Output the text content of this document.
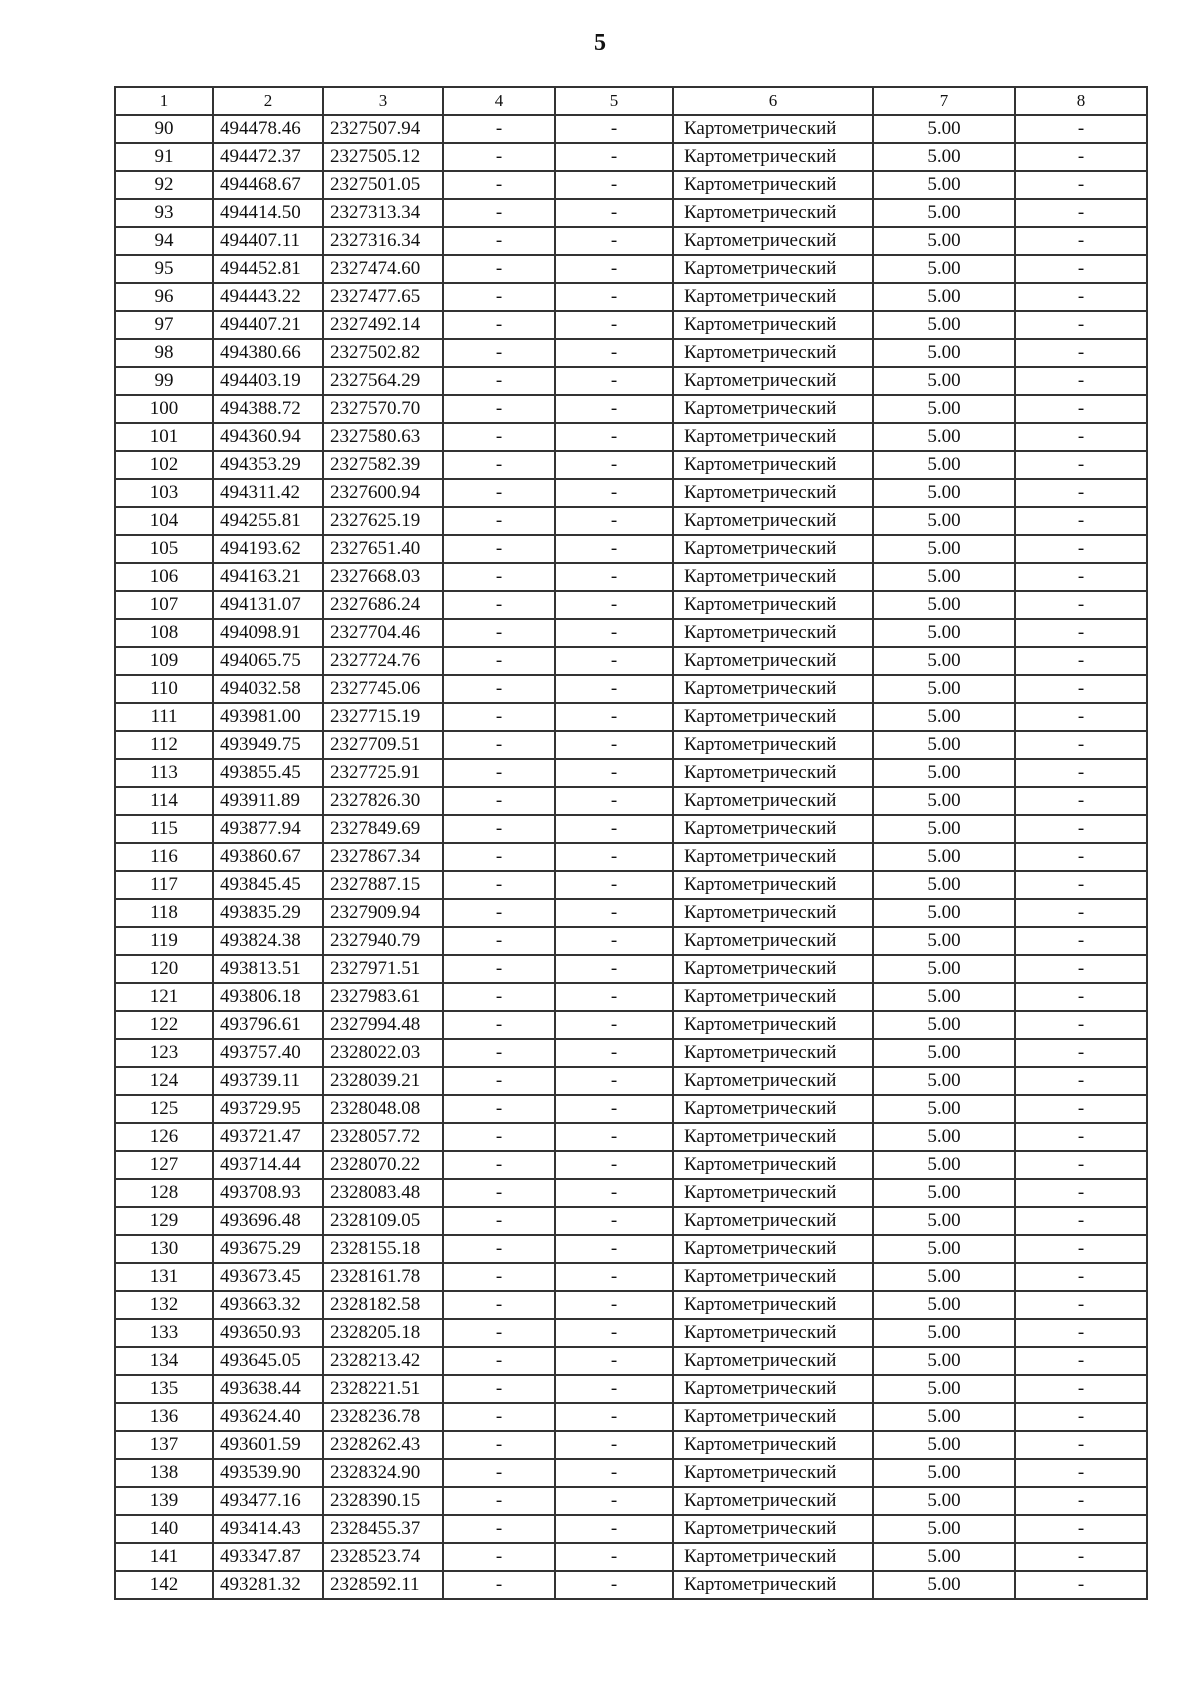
5
1	2	3	4	5	6	7	8
90	494478.46	2327507.94	-	-	Картометрический	5.00	-
91	494472.37	2327505.12	-	-	Картометрический	5.00	-
92	494468.67	2327501.05	-	-	Картометрический	5.00	-
93	494414.50	2327313.34	-	-	Картометрический	5.00	-
94	494407.11	2327316.34	-	-	Картометрический	5.00	-
95	494452.81	2327474.60	-	-	Картометрический	5.00	-
96	494443.22	2327477.65	-	-	Картометрический	5.00	-
97	494407.21	2327492.14	-	-	Картометрический	5.00	-
98	494380.66	2327502.82	-	-	Картометрический	5.00	-
99	494403.19	2327564.29	-	-	Картометрический	5.00	-
100	494388.72	2327570.70	-	-	Картометрический	5.00	-
101	494360.94	2327580.63	-	-	Картометрический	5.00	-
102	494353.29	2327582.39	-	-	Картометрический	5.00	-
103	494311.42	2327600.94	-	-	Картометрический	5.00	-
104	494255.81	2327625.19	-	-	Картометрический	5.00	-
105	494193.62	2327651.40	-	-	Картометрический	5.00	-
106	494163.21	2327668.03	-	-	Картометрический	5.00	-
107	494131.07	2327686.24	-	-	Картометрический	5.00	-
108	494098.91	2327704.46	-	-	Картометрический	5.00	-
109	494065.75	2327724.76	-	-	Картометрический	5.00	-
110	494032.58	2327745.06	-	-	Картометрический	5.00	-
111	493981.00	2327715.19	-	-	Картометрический	5.00	-
112	493949.75	2327709.51	-	-	Картометрический	5.00	-
113	493855.45	2327725.91	-	-	Картометрический	5.00	-
114	493911.89	2327826.30	-	-	Картометрический	5.00	-
115	493877.94	2327849.69	-	-	Картометрический	5.00	-
116	493860.67	2327867.34	-	-	Картометрический	5.00	-
117	493845.45	2327887.15	-	-	Картометрический	5.00	-
118	493835.29	2327909.94	-	-	Картометрический	5.00	-
119	493824.38	2327940.79	-	-	Картометрический	5.00	-
120	493813.51	2327971.51	-	-	Картометрический	5.00	-
121	493806.18	2327983.61	-	-	Картометрический	5.00	-
122	493796.61	2327994.48	-	-	Картометрический	5.00	-
123	493757.40	2328022.03	-	-	Картометрический	5.00	-
124	493739.11	2328039.21	-	-	Картометрический	5.00	-
125	493729.95	2328048.08	-	-	Картометрический	5.00	-
126	493721.47	2328057.72	-	-	Картометрический	5.00	-
127	493714.44	2328070.22	-	-	Картометрический	5.00	-
128	493708.93	2328083.48	-	-	Картометрический	5.00	-
129	493696.48	2328109.05	-	-	Картометрический	5.00	-
130	493675.29	2328155.18	-	-	Картометрический	5.00	-
131	493673.45	2328161.78	-	-	Картометрический	5.00	-
132	493663.32	2328182.58	-	-	Картометрический	5.00	-
133	493650.93	2328205.18	-	-	Картометрический	5.00	-
134	493645.05	2328213.42	-	-	Картометрический	5.00	-
135	493638.44	2328221.51	-	-	Картометрический	5.00	-
136	493624.40	2328236.78	-	-	Картометрический	5.00	-
137	493601.59	2328262.43	-	-	Картометрический	5.00	-
138	493539.90	2328324.90	-	-	Картометрический	5.00	-
139	493477.16	2328390.15	-	-	Картометрический	5.00	-
140	493414.43	2328455.37	-	-	Картометрический	5.00	-
141	493347.87	2328523.74	-	-	Картометрический	5.00	-
142	493281.32	2328592.11	-	-	Картометрический	5.00	-
